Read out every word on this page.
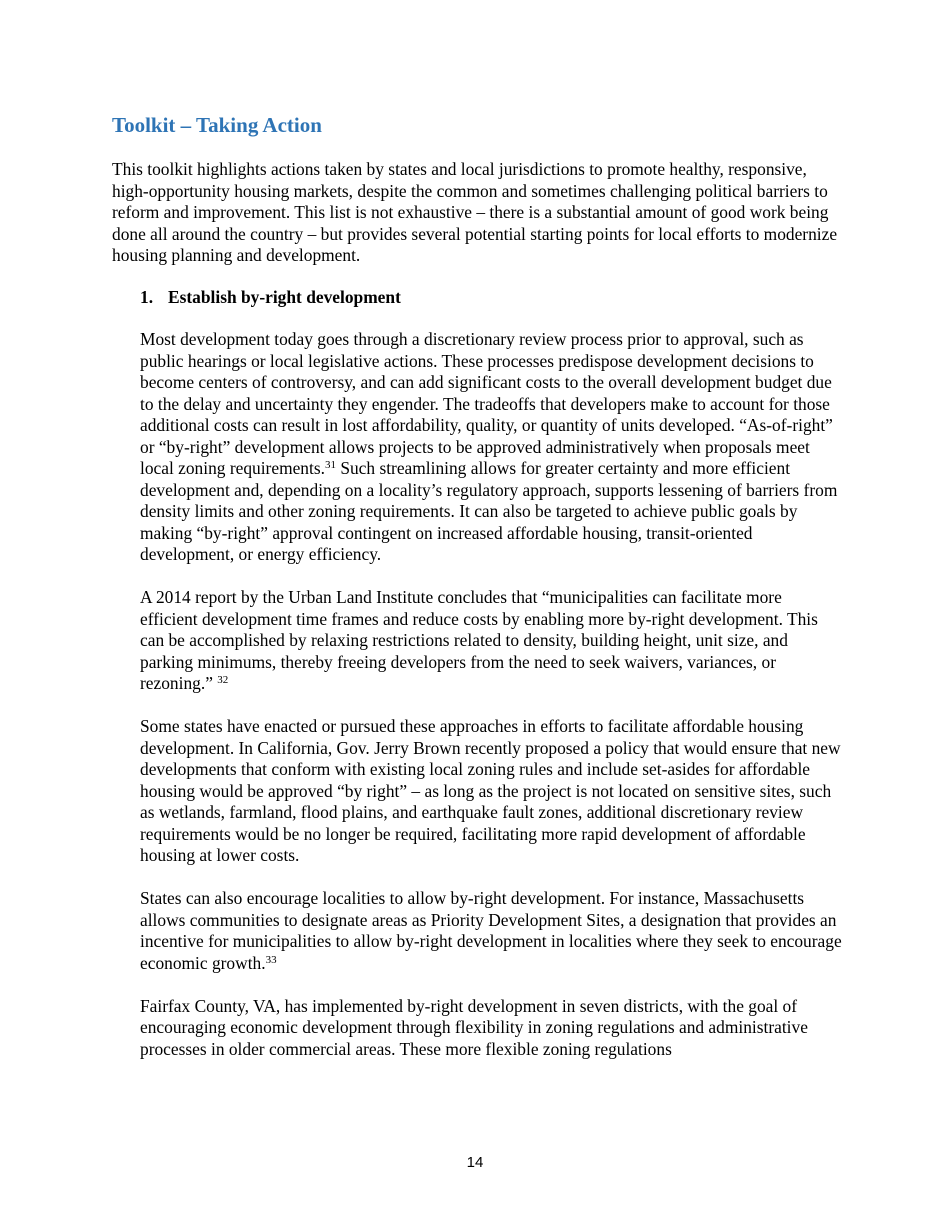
Toolkit – Taking Action

This toolkit highlights actions taken by states and local jurisdictions to promote healthy, responsive, high-opportunity housing markets, despite the common and sometimes challenging political barriers to reform and improvement. This list is not exhaustive – there is a substantial amount of good work being done all around the country – but provides several potential starting points for local efforts to modernize housing planning and development.

1. Establish by-right development

Most development today goes through a discretionary review process prior to approval, such as public hearings or local legislative actions. These processes predispose development decisions to become centers of controversy, and can add significant costs to the overall development budget due to the delay and uncertainty they engender. The tradeoffs that developers make to account for those additional costs can result in lost affordability, quality, or quantity of units developed. “As-of-right” or “by-right” development allows projects to be approved administratively when proposals meet local zoning requirements.$^{31}$ Such streamlining allows for greater certainty and more efficient development and, depending on a locality’s regulatory approach, supports lessening of barriers from density limits and other zoning requirements. It can also be targeted to achieve public goals by making “by-right” approval contingent on increased affordable housing, transit-oriented development, or energy efficiency.

A 2014 report by the Urban Land Institute concludes that “municipalities can facilitate more efficient development time frames and reduce costs by enabling more by-right development. This can be accomplished by relaxing restrictions related to density, building height, unit size, and parking minimums, thereby freeing developers from the need to seek waivers, variances, or rezoning.” $^{32}$

Some states have enacted or pursued these approaches in efforts to facilitate affordable housing development. In California, Gov. Jerry Brown recently proposed a policy that would ensure that new developments that conform with existing local zoning rules and include set-asides for affordable housing would be approved “by right” – as long as the project is not located on sensitive sites, such as wetlands, farmland, flood plains, and earthquake fault zones, additional discretionary review requirements would be no longer be required, facilitating more rapid development of affordable housing at lower costs.

States can also encourage localities to allow by-right development. For instance, Massachusetts allows communities to designate areas as Priority Development Sites, a designation that provides an incentive for municipalities to allow by-right development in localities where they seek to encourage economic growth.$^{33}$

Fairfax County, VA, has implemented by-right development in seven districts, with the goal of encouraging economic development through flexibility in zoning regulations and administrative processes in older commercial areas. These more flexible zoning regulations

14
